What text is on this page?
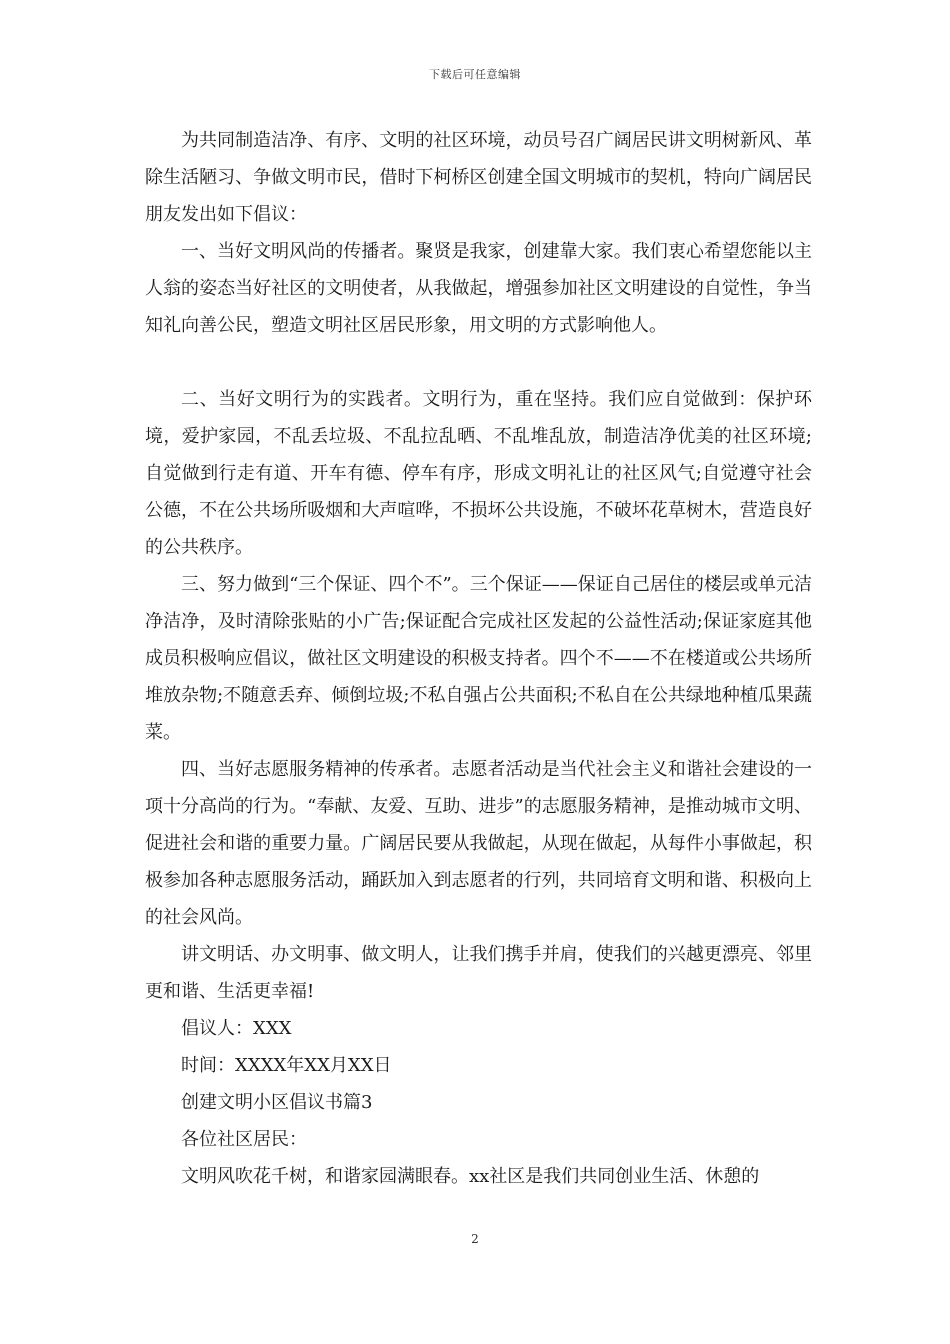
下载后可任意编辑

为共同制造洁净、有序、文明的社区环境，动员号召广阔居民讲文明树新风、革除生活陋习、争做文明市民，借时下柯桥区创建全国文明城市的契机，特向广阔居民朋友发出如下倡议：

一、当好文明风尚的传播者。聚贤是我家，创建靠大家。我们衷心希望您能以主人翁的姿态当好社区的文明使者，从我做起，增强参加社区文明建设的自觉性，争当知礼向善公民，塑造文明社区居民形象，用文明的方式影响他人。

二、当好文明行为的实践者。文明行为，重在坚持。我们应自觉做到：保护环境，爱护家园，不乱丢垃圾、不乱拉乱晒、不乱堆乱放，制造洁净优美的社区环境;自觉做到行走有道、开车有德、停车有序，形成文明礼让的社区风气;自觉遵守社会公德，不在公共场所吸烟和大声喧哗，不损坏公共设施，不破坏花草树木，营造良好的公共秩序。

三、努力做到“三个保证、四个不”。三个保证——保证自己居住的楼层或单元洁净洁净，及时清除张贴的小广告;保证配合完成社区发起的公益性活动;保证家庭其他成员积极响应倡议，做社区文明建设的积极支持者。四个不——不在楼道或公共场所堆放杂物;不随意丢弃、倾倒垃圾;不私自强占公共面积;不私自在公共绿地种植瓜果蔬菜。

四、当好志愿服务精神的传承者。志愿者活动是当代社会主义和谐社会建设的一项十分高尚的行为。“奉献、友爱、互助、进步”的志愿服务精神，是推动城市文明、促进社会和谐的重要力量。广阔居民要从我做起，从现在做起，从每件小事做起，积极参加各种志愿服务活动，踊跃加入到志愿者的行列，共同培育文明和谐、积极向上的社会风尚。

讲文明话、办文明事、做文明人，让我们携手并肩，使我们的兴越更漂亮、邻里更和谐、生活更幸福!

倡议人：XXX

时间：XXXX年XX月XX日

创建文明小区倡议书篇3

各位社区居民：

文明风吹花千树，和谐家园满眼春。xx社区是我们共同创业生活、休憩的

2
